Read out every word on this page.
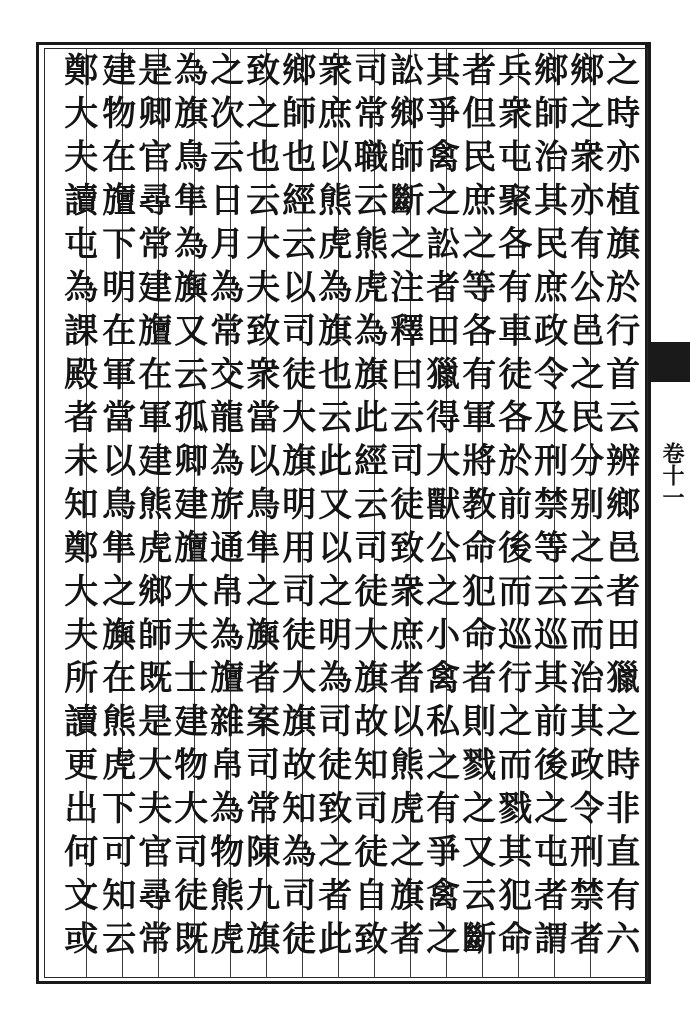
之時亦植旗於行首云辨鄉邑者田獵之時非直有六
鄉之衆亦有公邑之民分别之云而治其政令刑禁者
鄉師治其民庶政令及刑禁等云巡其前後之屯者謂
兵衆屯聚各有車徒各於前後而巡行之而戮其犯命
者但民庶之等各有軍將教命犯命者則戮之又云斷
其爭禽之訟者田獵得大獸公之小禽私之有爭禽之
訟鄉師斷之注釋曰云司徒致衆庶者以熊虎之旗者
司常職云熊虎為旗此經云司徒大旗故知司徒自致
衆庶以熊虎為旗也云此又以之明為司徒致之者此
鄉師也經云以司徒大旗明用司徒大旗故知為司徒
致之也云大夫致衆當以鳥隼之旟者案司常陳九旗
之次云日月為常交龍為旂通帛為旜雜帛為物熊虎
為旗鳥隼為旟又云孤卿建旜大夫士建物大司徒既
是卿官尋常建旜在軍建熊虎鄉師既是大夫官尋常
建物在旜下明在軍當以鳥隼之旟在熊虎下可知云
鄭大夫讀屯為課殿者未知鄭大夫所讀更出何文或	卷十一
